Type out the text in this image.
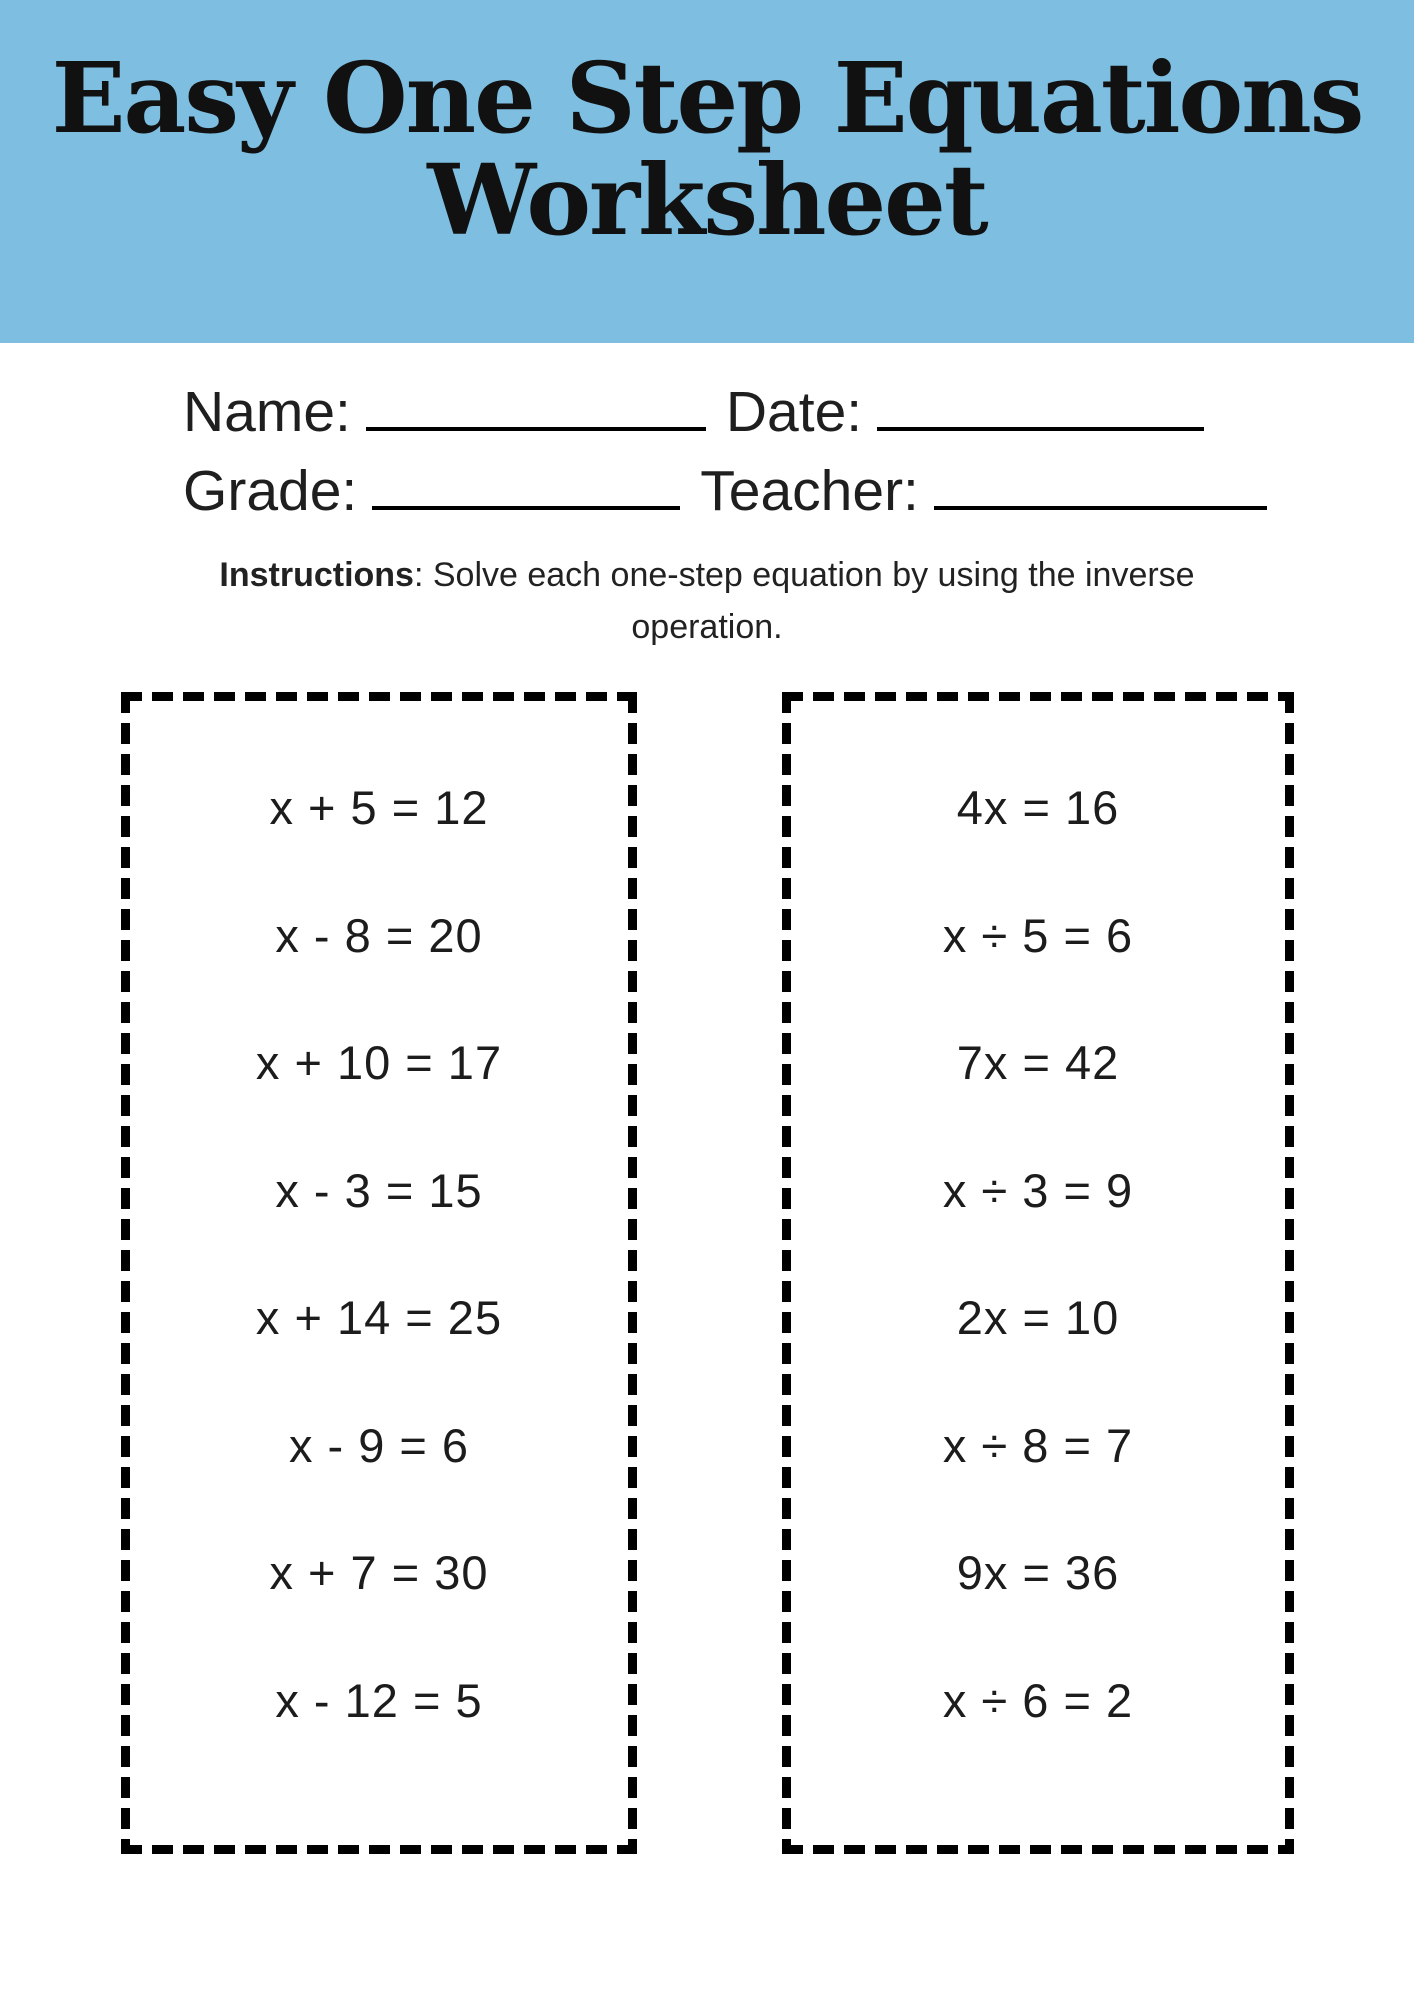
Easy One Step Equations
Worksheet
Name:	Date:
Grade:	Teacher:

Instructions: Solve each one-step equation by using the inverse
operation.

x + 5 = 12
x - 8 = 20
x + 10 = 17
x - 3 = 15
x + 14 = 25
x - 9 = 6
x + 7 = 30
x - 12 = 5
4x = 16
x ÷ 5 = 6
7x = 42
x ÷ 3 = 9
2x = 10
x ÷ 8 = 7
9x = 36
x ÷ 6 = 2
